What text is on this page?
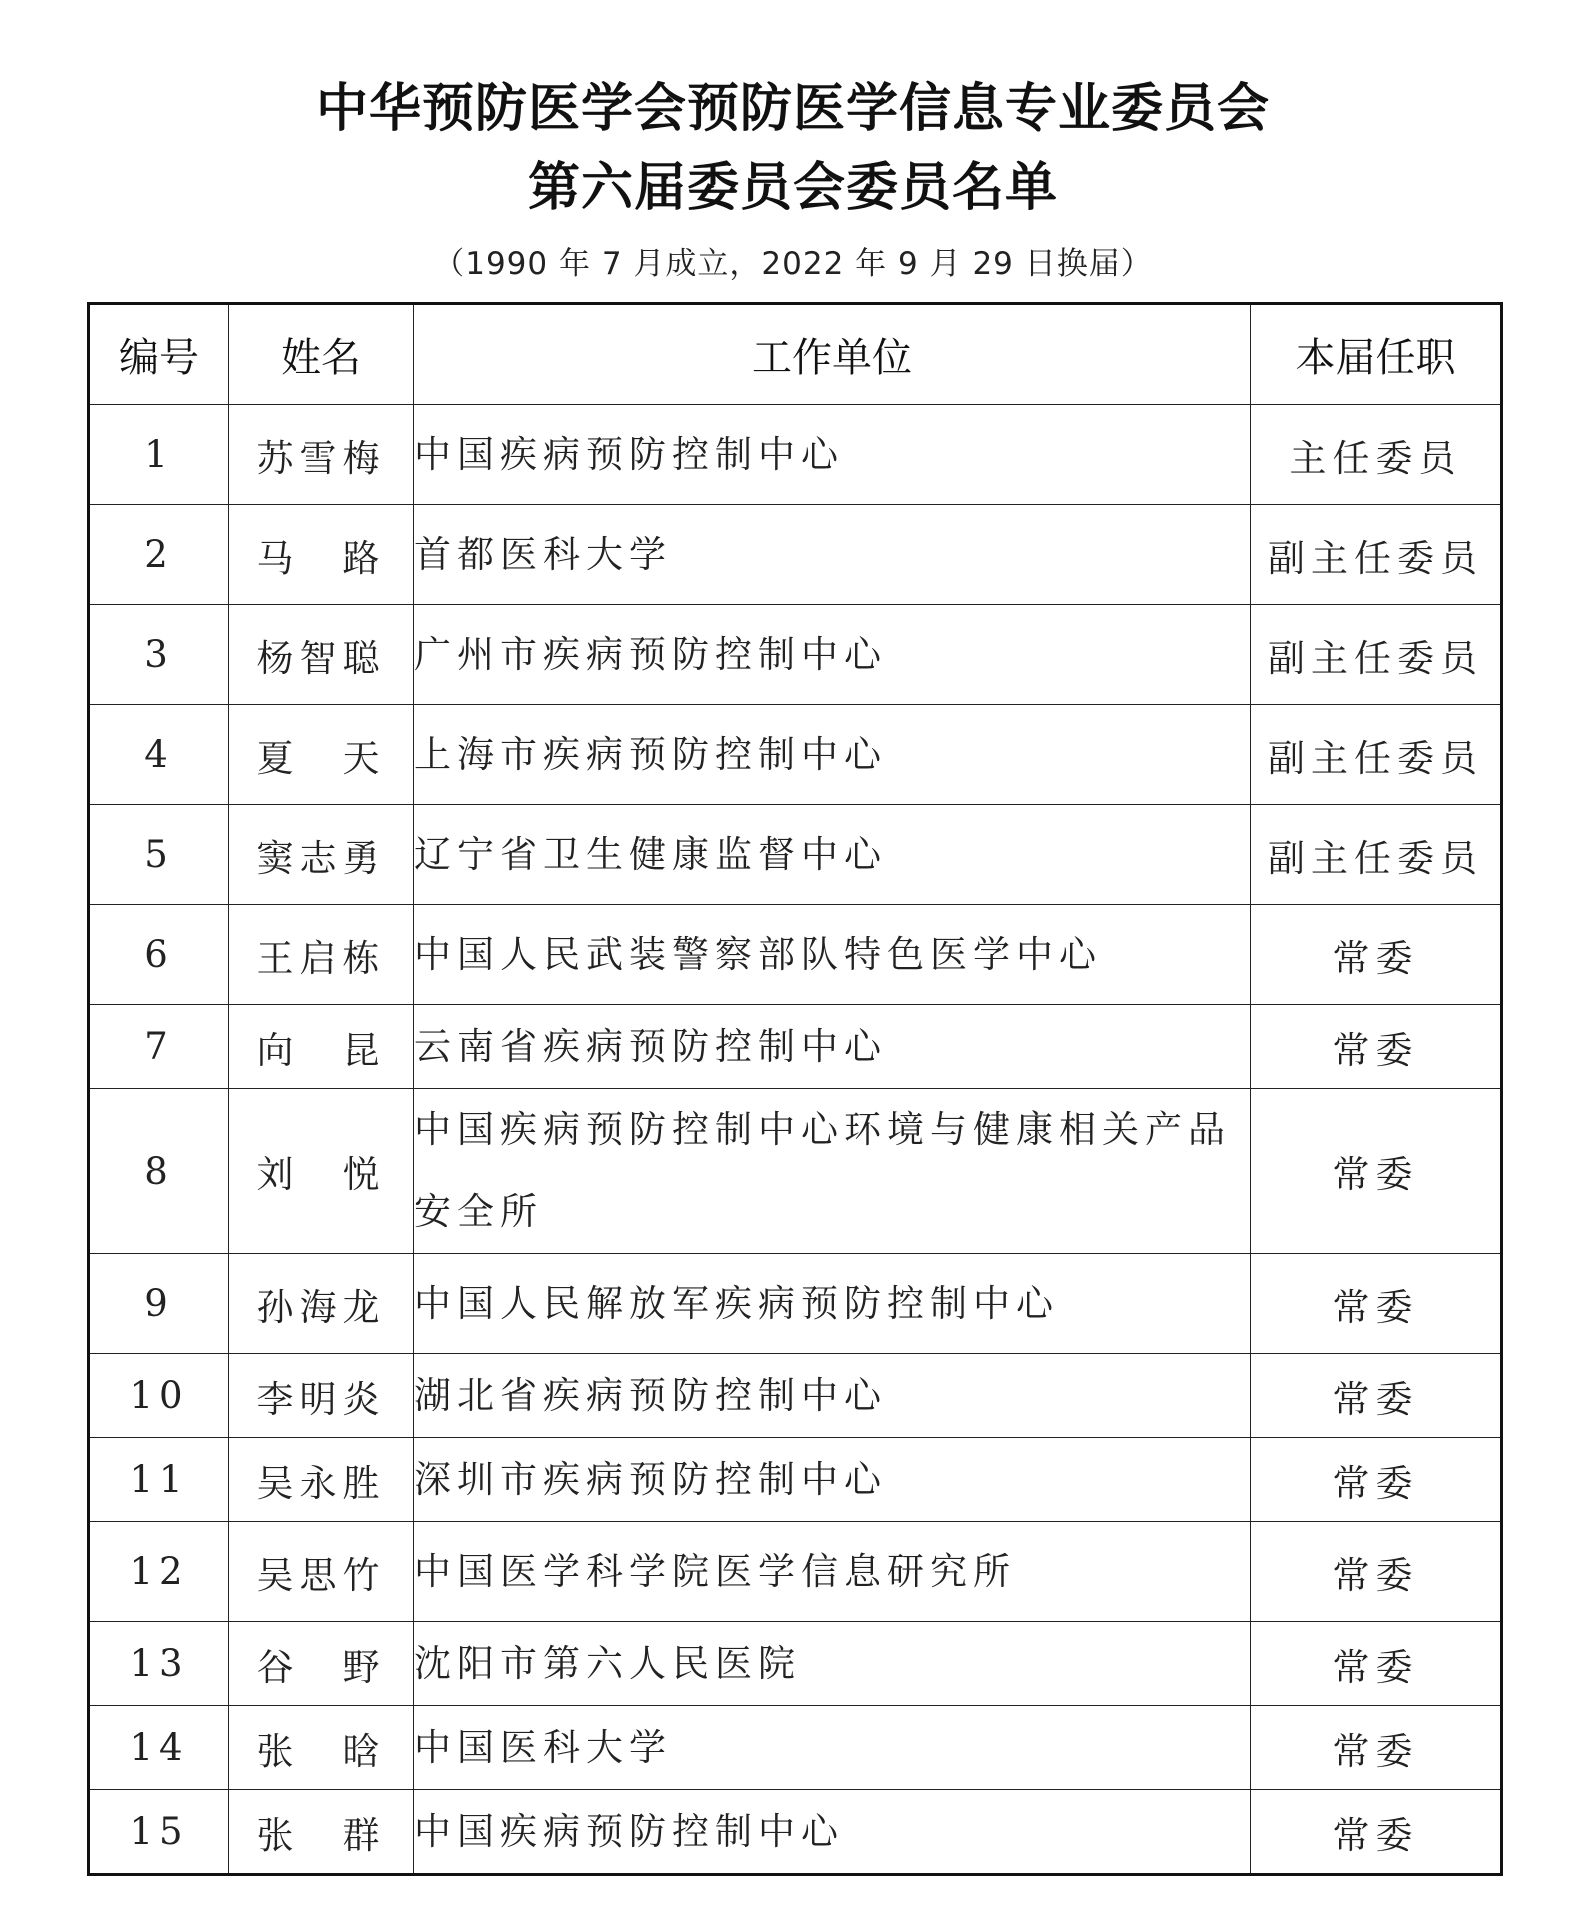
中华预防医学会预防医学信息专业委员会
第六届委员会委员名单
（1990 年 7 月成立，2022 年 9 月 29 日换届）
编号	姓名	工作单位	本届任职
1	苏雪梅	中国疾病预防控制中心	主任委员
2	马　路	首都医科大学	副主任委员
3	杨智聪	广州市疾病预防控制中心	副主任委员
4	夏　天	上海市疾病预防控制中心	副主任委员
5	窦志勇	辽宁省卫生健康监督中心	副主任委员
6	王启栋	中国人民武装警察部队特色医学中心	常委
7	向　昆	云南省疾病预防控制中心	常委
8	刘　悦	中国疾病预防控制中心环境与健康相关产品安全所	常委
9	孙海龙	中国人民解放军疾病预防控制中心	常委
10	李明炎	湖北省疾病预防控制中心	常委
11	吴永胜	深圳市疾病预防控制中心	常委
12	吴思竹	中国医学科学院医学信息研究所	常委
13	谷　野	沈阳市第六人民医院	常委
14	张　晗	中国医科大学	常委
15	张　群	中国疾病预防控制中心	常委
